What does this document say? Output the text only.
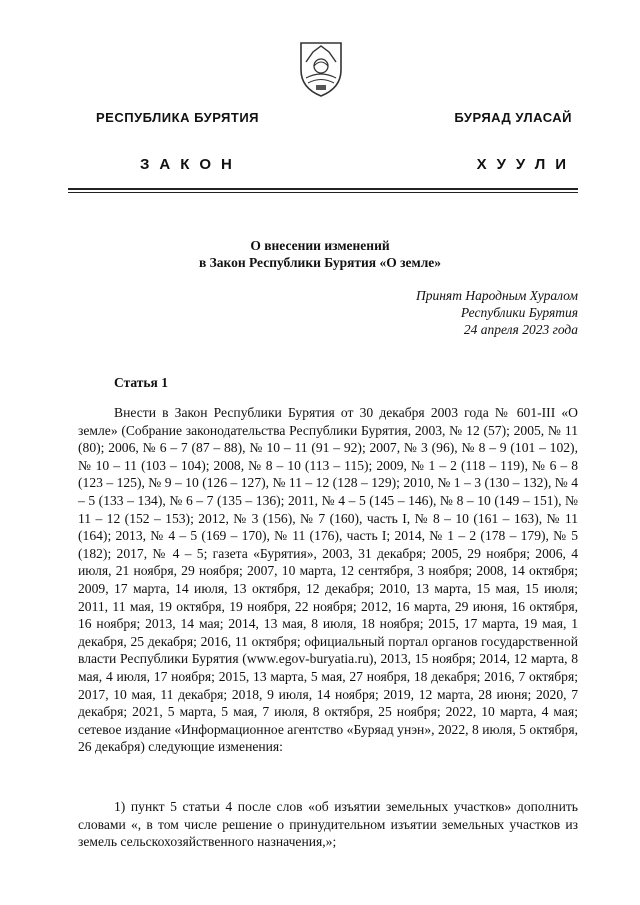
РЕСПУБЛИКА БУРЯТИЯ	БУРЯАД УЛАСАЙ
ЗАКОН	ХУУЛИ
О внесении изменений
в Закон Республики Бурятия «О земле»
Принят Народным Хуралом
Республики Бурятия
24 апреля 2023 года
Статья 1

Внести в Закон Республики Бурятия от 30 декабря 2003 года № 601-III «О земле» (Собрание законодательства Республики Бурятия, 2003, № 12 (57); 2005, № 11 (80); 2006, № 6 – 7 (87 – 88), № 10 – 11 (91 – 92); 2007, № 3 (96), № 8 – 9 (101 – 102), № 10 – 11 (103 – 104); 2008, № 8 – 10 (113 – 115); 2009, № 1 – 2 (118 – 119), № 6 – 8 (123 – 125), № 9 – 10 (126 – 127), № 11 – 12 (128 – 129); 2010, № 1 – 3 (130 – 132), № 4 – 5 (133 – 134), № 6 – 7 (135 – 136); 2011, № 4 – 5 (145 – 146), № 8 – 10 (149 – 151), № 11 – 12 (152 – 153); 2012, № 3 (156), № 7 (160), часть I, № 8 – 10 (161 – 163), № 11 (164); 2013, № 4 – 5 (169 – 170), № 11 (176), часть I; 2014, № 1 – 2 (178 – 179), № 5 (182); 2017, № 4 – 5; газета «Бурятия», 2003, 31 декабря; 2005, 29 ноября; 2006, 4 июля, 21 ноября, 29 ноября; 2007, 10 марта, 12 сентября, 3 ноября; 2008, 14 октября; 2009, 17 марта, 14 июля, 13 октября, 12 декабря; 2010, 13 марта, 15 мая, 15 июля; 2011, 11 мая, 19 октября, 19 ноября, 22 ноября; 2012, 16 марта, 29 июня, 16 октября, 16 ноября; 2013, 14 мая; 2014, 13 мая, 8 июля, 18 ноября; 2015, 17 марта, 19 мая, 1 декабря, 25 декабря; 2016, 11 октября; официальный портал органов государственной власти Республики Бурятия (www.egov-buryatia.ru), 2013, 15 ноября; 2014, 12 марта, 8 мая, 4 июля, 17 ноября; 2015, 13 марта, 5 мая, 27 ноября, 18 декабря; 2016, 7 октября; 2017, 10 мая, 11 декабря; 2018, 9 июля, 14 ноября; 2019, 12 марта, 28 июня; 2020, 7 декабря; 2021, 5 марта, 5 мая, 7 июля, 8 октября, 25 ноября; 2022, 10 марта, 4 мая; сетевое издание «Информационное агентство «Буряад унэн», 2022, 8 июля, 5 октября, 26 декабря) следующие изменения:

1) пункт 5 статьи 4 после слов «об изъятии земельных участков» дополнить словами «, в том числе решение о принудительном изъятии земельных участков из земель сельскохозяйственного назначения,»;
